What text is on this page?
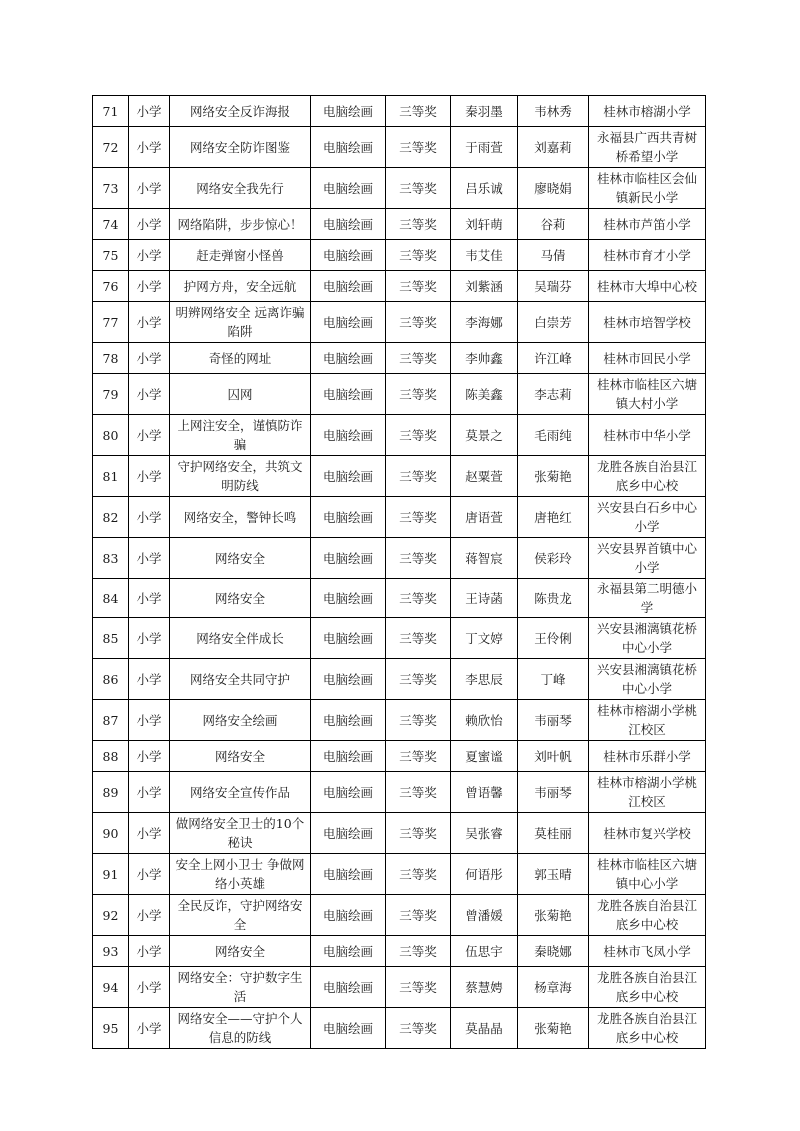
71	小学	网络安全反诈海报	电脑绘画	三等奖	秦羽墨	韦林秀	桂林市榕湖小学
72	小学	网络安全防诈图鉴	电脑绘画	三等奖	于雨萱	刘嘉莉	永福县广西共青树桥希望小学
73	小学	网络安全我先行	电脑绘画	三等奖	吕乐诚	廖晓娟	桂林市临桂区会仙镇新民小学
74	小学	网络陷阱，步步惊心！	电脑绘画	三等奖	刘轩萌	谷莉	桂林市芦笛小学
75	小学	赶走弹窗小怪兽	电脑绘画	三等奖	韦艾佳	马倩	桂林市育才小学
76	小学	护网方舟，安全远航	电脑绘画	三等奖	刘紫涵	吴瑞芬	桂林市大埠中心校
77	小学	明辨网络安全 远离诈骗陷阱	电脑绘画	三等奖	李海娜	白崇芳	桂林市培智学校
78	小学	奇怪的网址	电脑绘画	三等奖	李帅鑫	许江峰	桂林市回民小学
79	小学	囚网	电脑绘画	三等奖	陈美鑫	李志莉	桂林市临桂区六塘镇大村小学
80	小学	上网注安全，谨慎防诈骗	电脑绘画	三等奖	莫景之	毛雨纯	桂林市中华小学
81	小学	守护网络安全，共筑文明防线	电脑绘画	三等奖	赵粟萱	张菊艳	龙胜各族自治县江底乡中心校
82	小学	网络安全，警钟长鸣	电脑绘画	三等奖	唐语萱	唐艳红	兴安县白石乡中心小学
83	小学	网络安全	电脑绘画	三等奖	蒋智宸	侯彩玲	兴安县界首镇中心小学
84	小学	网络安全	电脑绘画	三等奖	王诗菡	陈贵龙	永福县第二明德小学
85	小学	网络安全伴成长	电脑绘画	三等奖	丁文婷	王伶俐	兴安县湘漓镇花桥中心小学
86	小学	网络安全共同守护	电脑绘画	三等奖	李思辰	丁峰	兴安县湘漓镇花桥中心小学
87	小学	网络安全绘画	电脑绘画	三等奖	赖欣怡	韦丽琴	桂林市榕湖小学桃江校区
88	小学	网络安全	电脑绘画	三等奖	夏蜜谧	刘叶帆	桂林市乐群小学
89	小学	网络安全宣传作品	电脑绘画	三等奖	曾语馨	韦丽琴	桂林市榕湖小学桃江校区
90	小学	做网络安全卫士的10个秘诀	电脑绘画	三等奖	吴张睿	莫桂丽	桂林市复兴学校
91	小学	安全上网小卫士 争做网络小英雄	电脑绘画	三等奖	何语彤	郭玉晴	桂林市临桂区六塘镇中心小学
92	小学	全民反诈，守护网络安全	电脑绘画	三等奖	曾潘媛	张菊艳	龙胜各族自治县江底乡中心校
93	小学	网络安全	电脑绘画	三等奖	伍思宇	秦晓娜	桂林市飞凤小学
94	小学	网络安全：守护数字生活	电脑绘画	三等奖	蔡慧娉	杨章海	龙胜各族自治县江底乡中心校
95	小学	网络安全——守护个人信息的防线	电脑绘画	三等奖	莫晶晶	张菊艳	龙胜各族自治县江底乡中心校
